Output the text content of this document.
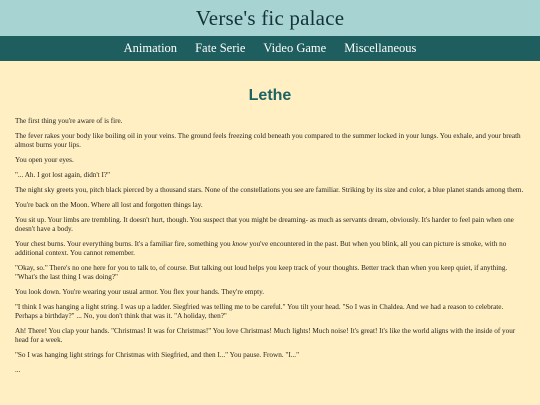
Verse's fic palace
Animation Fate Serie Video Game Miscellaneous
Lethe

The first thing you're aware of is fire.

The fever rakes your body like boiling oil in your veins. The ground feels freezing cold beneath you compared to the summer locked in your lungs. You exhale, and your breath almost burns your lips.

You open your eyes.

"... Ah. I got lost again, didn't I?"

The night sky greets you, pitch black pierced by a thousand stars. None of the constellations you see are familiar. Striking by its size and color, a blue planet stands among them.

You're back on the Moon. Where all lost and forgotten things lay.

You sit up. Your limbs are trembling. It doesn't hurt, though. You suspect that you might be dreaming- as much as servants dream, obviously. It's harder to feel pain when one doesn't have a body.

Your chest burns. Your everything burns. It's a familiar fire, something you know you've encountered in the past. But when you blink, all you can picture is smoke, with no additional context. You cannot remember.

"Okay, so." There's no one here for you to talk to, of course. But talking out loud helps you keep track of your thoughts. Better track than when you keep quiet, if anything. "What's the last thing I was doing?"

You look down. You're wearing your usual armor. You flex your hands. They're empty.

"I think I was hanging a light string. I was up a ladder. Siegfried was telling me to be careful." You tilt your head. "So I was in Chaldea. And we had a reason to celebrate. Perhaps a birthday?" ... No, you don't think that was it. "A holiday, then?"

Ah! There! You clap your hands. "Christmas! It was for Christmas!" You love Christmas! Much lights! Much noise! It's great! It's like the world aligns with the inside of your head for a week.

"So I was hanging light strings for Christmas with Siegfried, and then I..." You pause. Frown. "I..."

...
